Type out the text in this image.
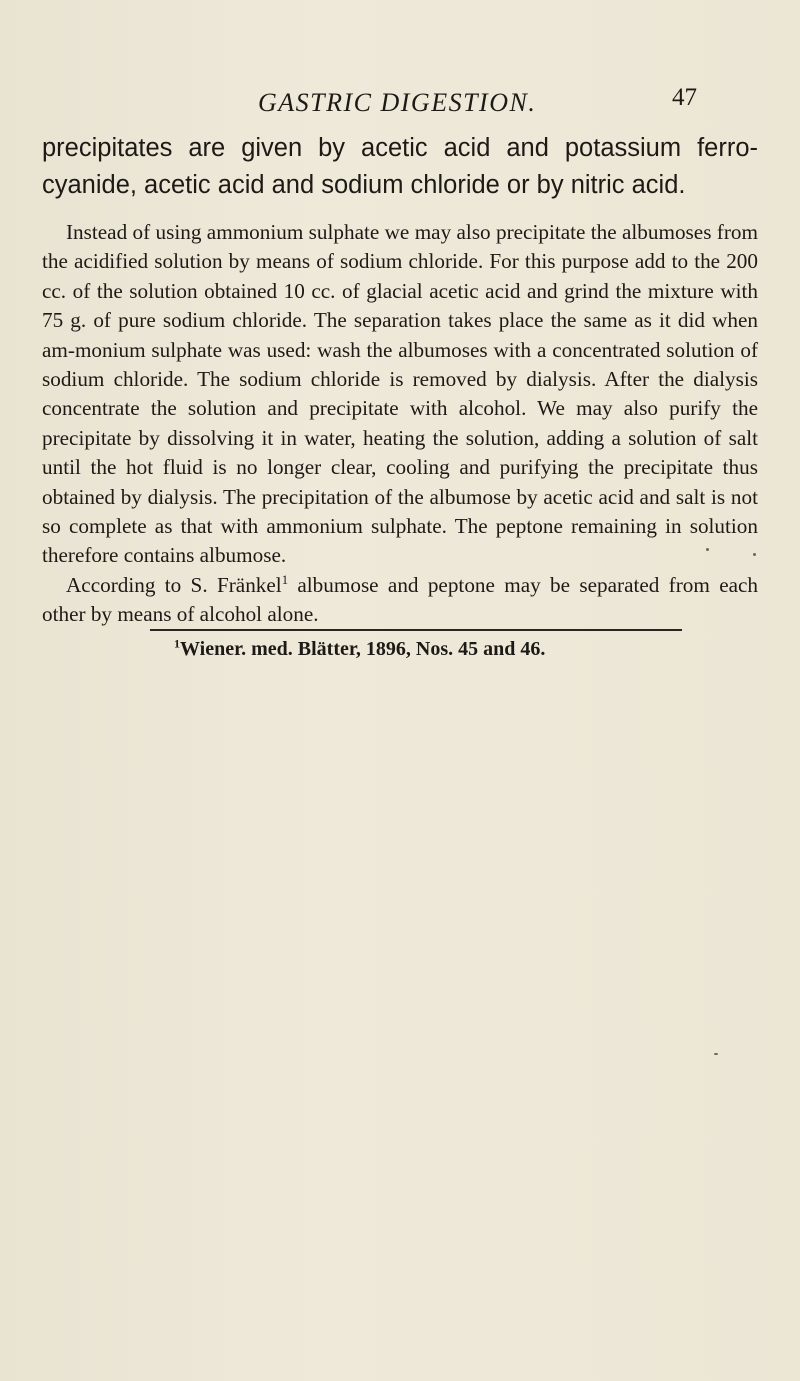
GASTRIC DIGESTION.	47

precipitates are given by acetic acid and potassium ferro-cyanide, acetic acid and sodium chloride or by nitric acid.

Instead of using ammonium sulphate we may also precipitate the albumoses from the acidified solution by means of sodium chloride. For this purpose add to the 200 cc. of the solution obtained 10 cc. of glacial acetic acid and grind the mixture with 75 g. of pure sodium chloride. The separation takes place the same as it did when am-monium sulphate was used: wash the albumoses with a concentrated solution of sodium chloride. The sodium chloride is removed by dialysis. After the dialysis concentrate the solution and precipitate with alcohol. We may also purify the precipitate by dissolving it in water, heating the solution, adding a solution of salt until the hot fluid is no longer clear, cooling and purifying the precipitate thus obtained by dialysis. The precipitation of the albumose by acetic acid and salt is not so complete as that with ammonium sulphate. The peptone remaining in solution therefore contains albumose.

According to S. Fränkel$^1$ albumose and peptone may be separated from each other by means of alcohol alone.

$^1$Wiener. med. Blätter, 1896, Nos. 45 and 46.
